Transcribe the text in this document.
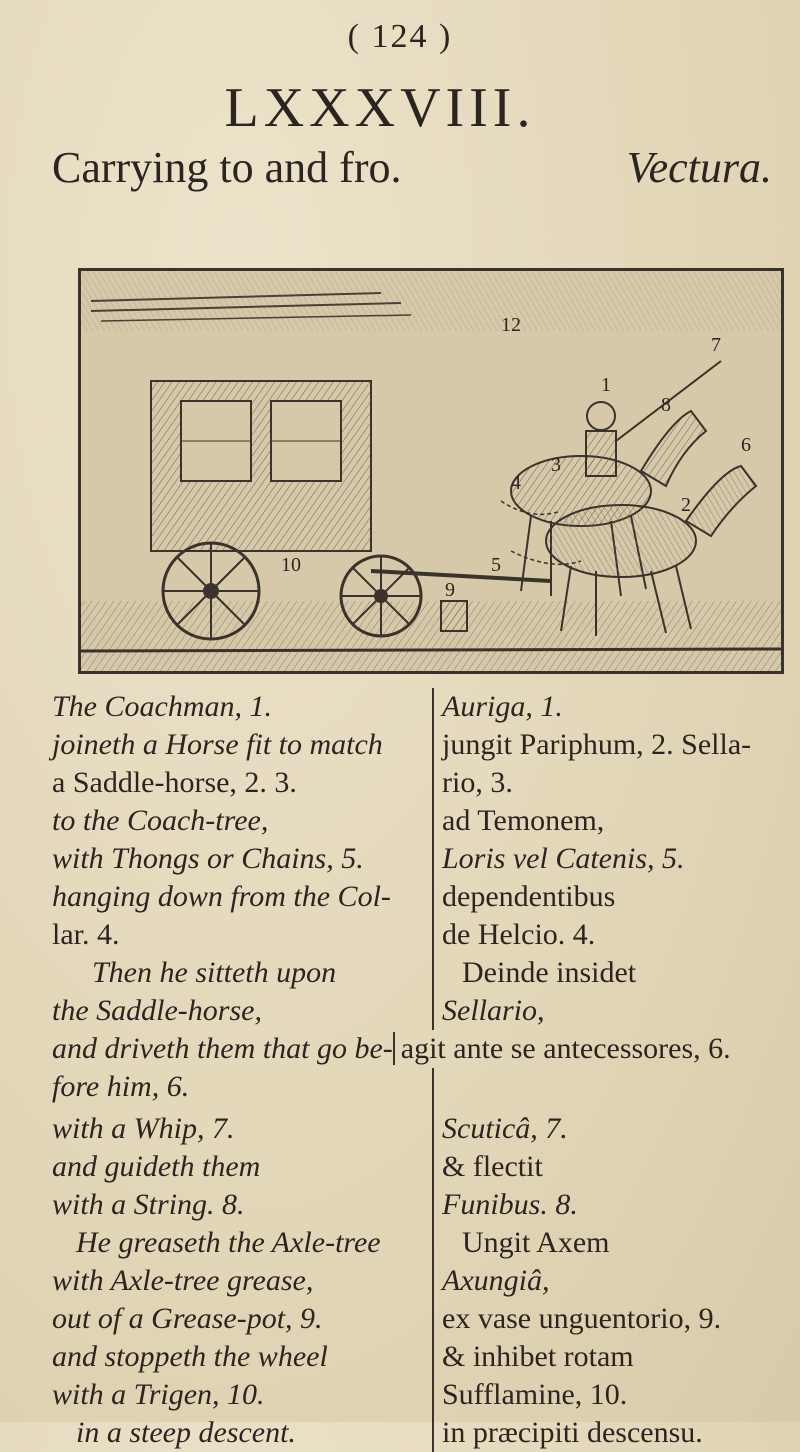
( 124 )
LXXXVIII.
Carrying to and fro.	Vectura.
1
2
3
4
5
6
7
8
9
10
12
The Coachman, 1.
joineth a Horse fit to match
a Saddle-horse, 2. 3.
to the Coach-tree,
with Thongs or Chains, 5.
hanging down from the Col-
lar. 4.
Then he sitteth upon
the Saddle-horse,
Auriga, 1.
jungit Pariphum, 2. Sella-
rio, 3.
ad Temonem,
Loris vel Catenis, 5.
dependentibus
de Helcio. 4.
Deinde insidet
Sellario,
and driveth them that go be- agit ante se antecessores, 6.
fore him, 6.
with a Whip, 7.
and guideth them
with a String. 8.
He greaseth the Axle-tree
with Axle-tree grease,
out of a Grease-pot, 9.
and stoppeth the wheel
with a Trigen, 10.
in a steep descent.
Scuticâ, 7.
& flectit
Funibus. 8.
Ungit Axem
Axungiâ,
ex vase unguentorio, 9.
& inhibet rotam
Sufflamine, 10.
in præcipiti descensu.
